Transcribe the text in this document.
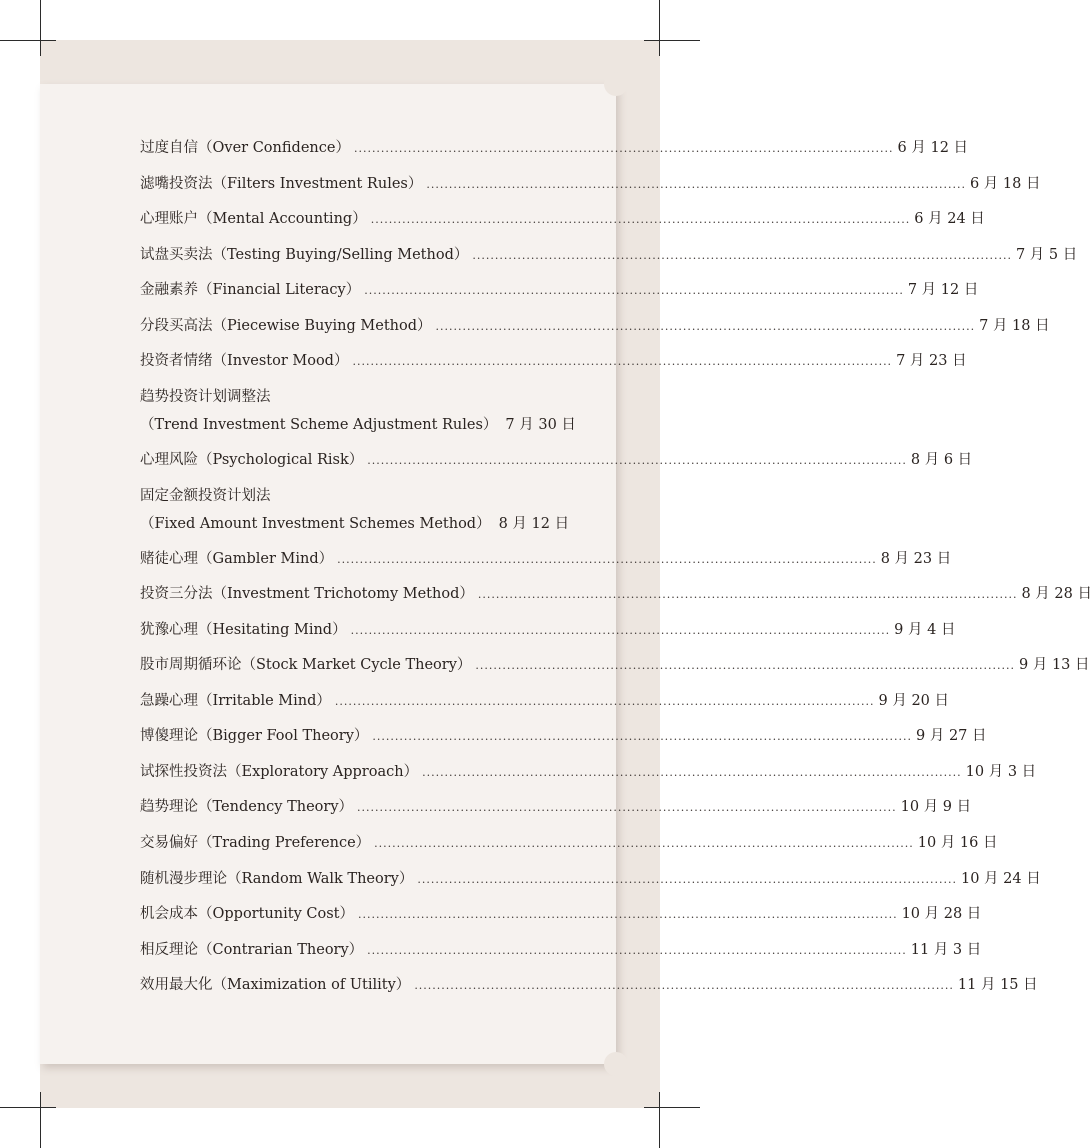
过度自信（Over Confidence） ........................................................................................................................ 6 月 12 日
滤嘴投资法（Filters Investment Rules） ........................................................................................................................ 6 月 18 日
心理账户（Mental Accounting） ........................................................................................................................ 6 月 24 日
试盘买卖法（Testing Buying/Selling Method） ........................................................................................................................ 7 月 5 日
金融素养（Financial Literacy） ........................................................................................................................ 7 月 12 日
分段买高法（Piecewise Buying Method） ........................................................................................................................ 7 月 18 日
投资者情绪（Investor Mood） ........................................................................................................................ 7 月 23 日
趋势投资计划调整法
（Trend Investment Scheme Adjustment Rules） 7 月 30 日
心理风险（Psychological Risk） ........................................................................................................................ 8 月 6 日
固定金额投资计划法
（Fixed Amount Investment Schemes Method） 8 月 12 日
赌徒心理（Gambler Mind） ........................................................................................................................ 8 月 23 日
投资三分法（Investment Trichotomy Method） ........................................................................................................................ 8 月 28 日
犹豫心理（Hesitating Mind） ........................................................................................................................ 9 月 4 日
股市周期循环论（Stock Market Cycle Theory） ........................................................................................................................ 9 月 13 日
急躁心理（Irritable Mind） ........................................................................................................................ 9 月 20 日
博傻理论（Bigger Fool Theory） ........................................................................................................................ 9 月 27 日
试探性投资法（Exploratory Approach） ........................................................................................................................ 10 月 3 日
趋势理论（Tendency Theory） ........................................................................................................................ 10 月 9 日
交易偏好（Trading Preference） ........................................................................................................................ 10 月 16 日
随机漫步理论（Random Walk Theory） ........................................................................................................................ 10 月 24 日
机会成本（Opportunity Cost） ........................................................................................................................ 10 月 28 日
相反理论（Contrarian Theory） ........................................................................................................................ 11 月 3 日
效用最大化（Maximization of Utility） ........................................................................................................................ 11 月 15 日
